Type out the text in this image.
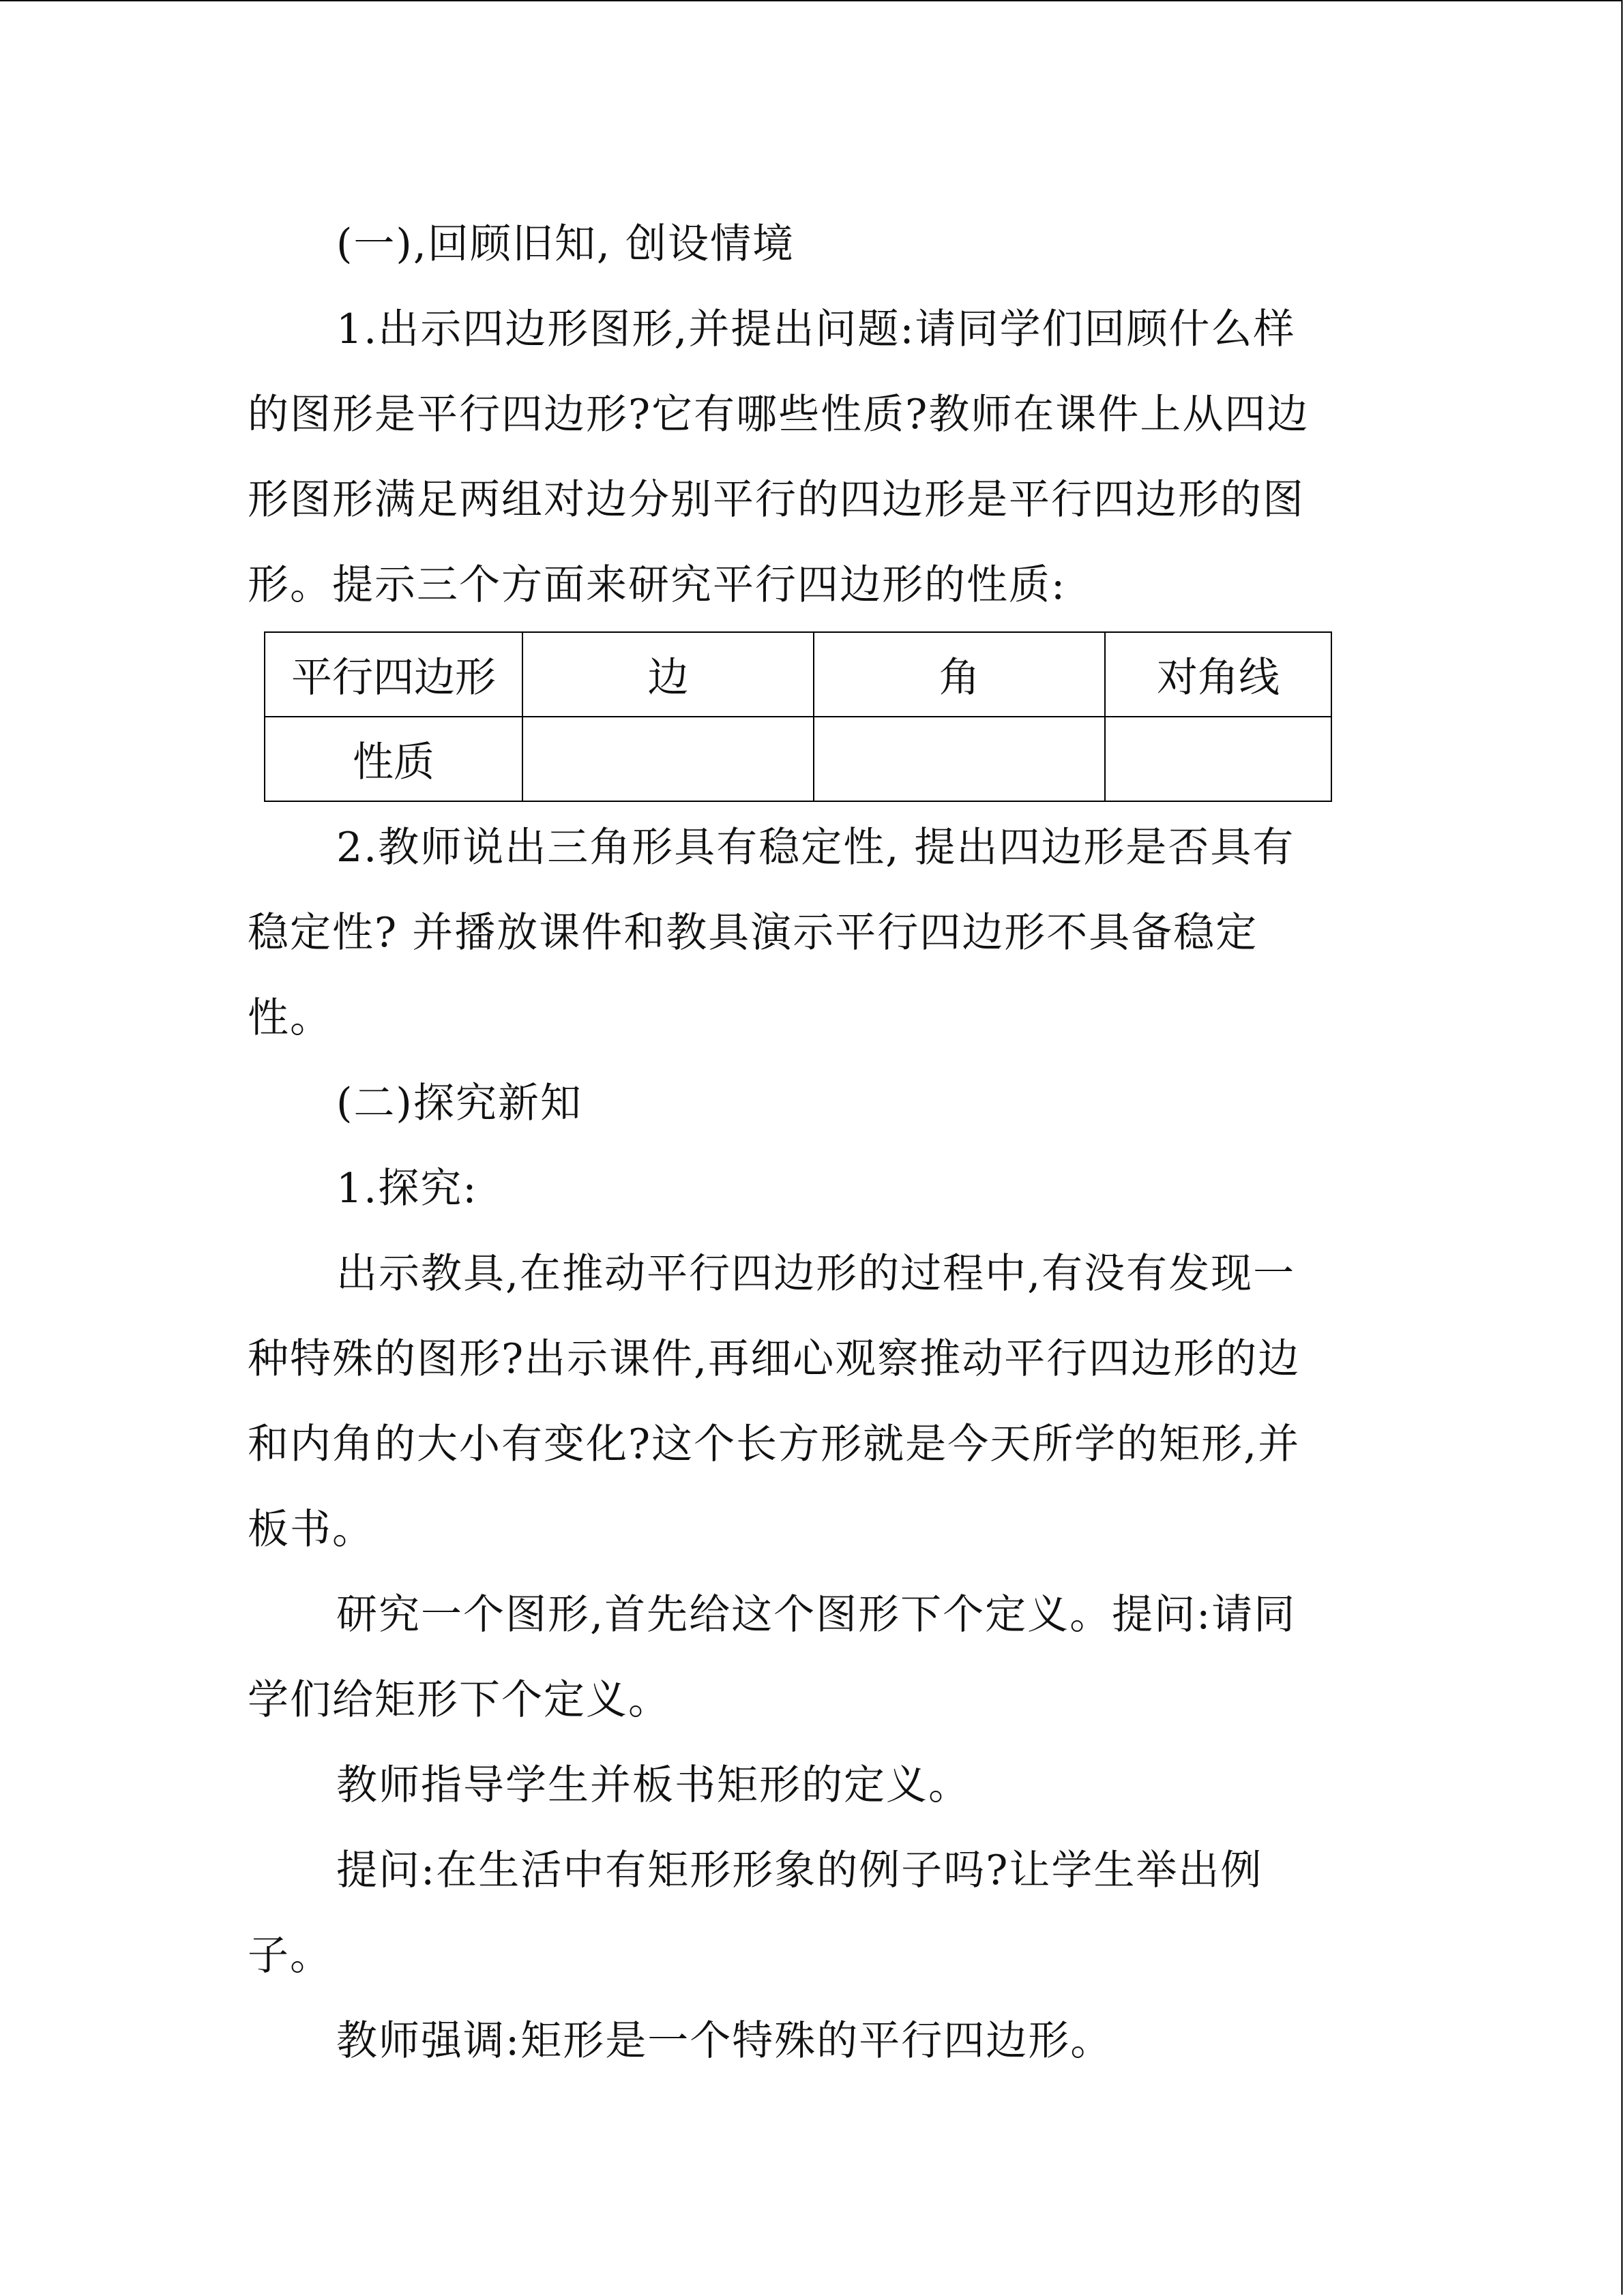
(一),回顾旧知, 创设情境
1.出示四边形图形,并提出问题:请同学们回顾什么样
的图形是平行四边形?它有哪些性质?教师在课件上从四边
形图形满足两组对边分别平行的四边形是平行四边形的图
形。提示三个方面来研究平行四边形的性质:
平行四边形	边	角	对角线
性质			
2.教师说出三角形具有稳定性, 提出四边形是否具有
稳定性? 并播放课件和教具演示平行四边形不具备稳定
性。
(二)探究新知
1.探究:
出示教具,在推动平行四边形的过程中,有没有发现一
种特殊的图形?出示课件,再细心观察推动平行四边形的边
和内角的大小有变化?这个长方形就是今天所学的矩形,并
板书。
研究一个图形,首先给这个图形下个定义。提问:请同
学们给矩形下个定义。
教师指导学生并板书矩形的定义。
提问:在生活中有矩形形象的例子吗?让学生举出例
子。
教师强调:矩形是一个特殊的平行四边形。
